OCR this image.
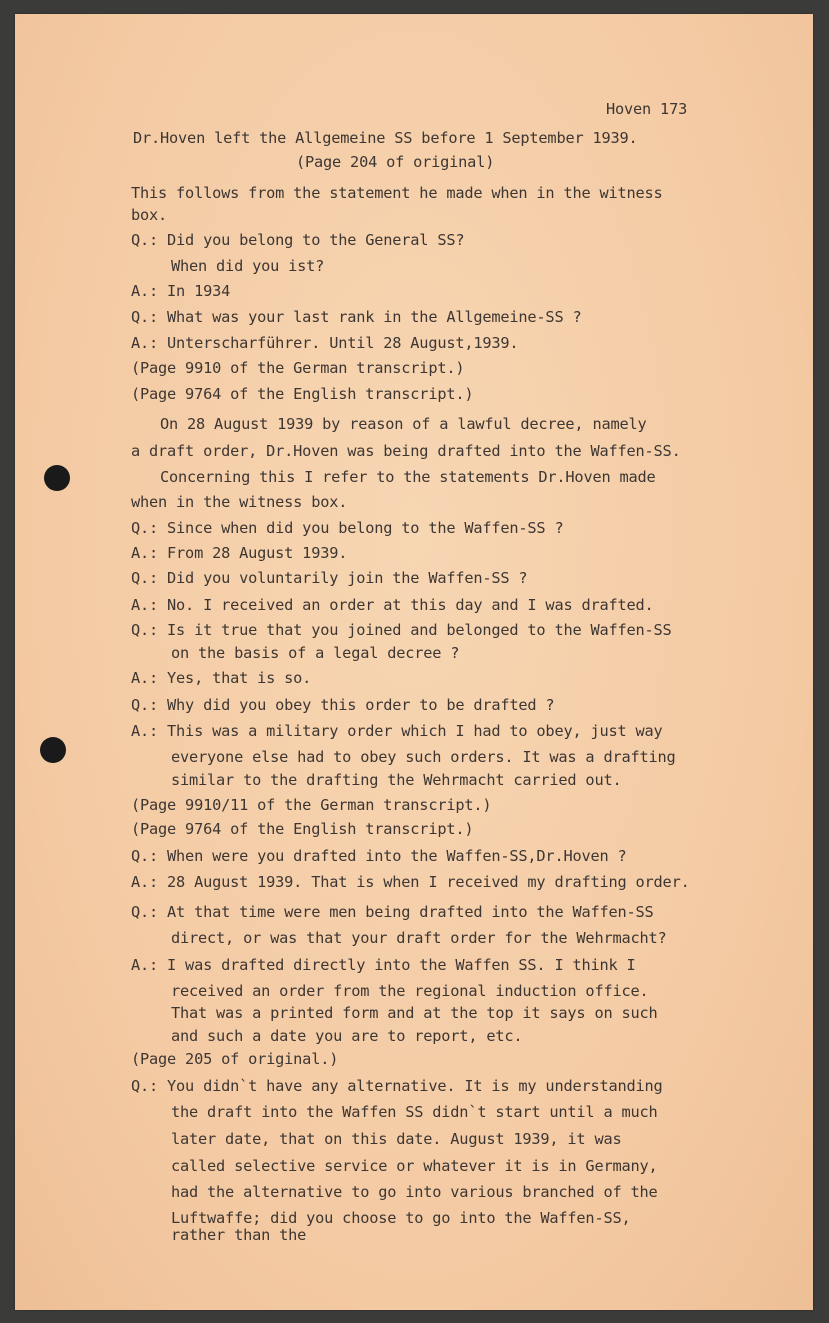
Hoven 173
Dr.Hoven left the Allgemeine SS before 1 September 1939.
(Page 204 of original)
This follows from the statement he made when in the witness
box.
Q.: Did you belong to the General SS?
When did you ist?
A.: In 1934
Q.: What was your last rank in the Allgemeine-SS ?
A.: Unterscharführer. Until 28 August,1939.
(Page 9910 of the German transcript.)
(Page 9764 of the English transcript.)
On 28 August 1939 by reason of a lawful decree, namely
a draft order, Dr.Hoven was being drafted into the Waffen-SS.
Concerning this I refer to the statements Dr.Hoven made
when in the witness box.
Q.: Since when did you belong to the Waffen-SS ?
A.: From 28 August 1939.
Q.: Did you voluntarily join the Waffen-SS ?
A.: No. I received an order at this day and I was drafted.
Q.: Is it true that you joined and belonged to the Waffen-SS
on the basis of a legal decree ?
A.: Yes, that is so.
Q.: Why did you obey this order to be drafted ?
A.: This was a military order which I had to obey, just way
everyone else had to obey such orders. It was a drafting
similar to the drafting the Wehrmacht carried out.
(Page 9910/11 of the German transcript.)
(Page 9764 of the English transcript.)
Q.: When were you drafted into the Waffen-SS,Dr.Hoven ?
A.: 28 August 1939. That is when I received my drafting order.
Q.: At that time were men being drafted into the Waffen-SS
direct, or was that your draft order for the Wehrmacht?
A.: I was drafted directly into the Waffen SS. I think I
received an order from the regional induction office.
That was a printed form and at the top it says on such
and such a date you are to report, etc.
(Page 205 of original.)
Q.: You didn`t have any alternative. It is my understanding
the draft into the Waffen SS didn`t start until a much
later date, that on this date. August 1939, it was
called selective service or whatever it is in Germany,
had the alternative to go into various branched of the
Luftwaffe; did you choose to go into the Waffen-SS,
rather than the
